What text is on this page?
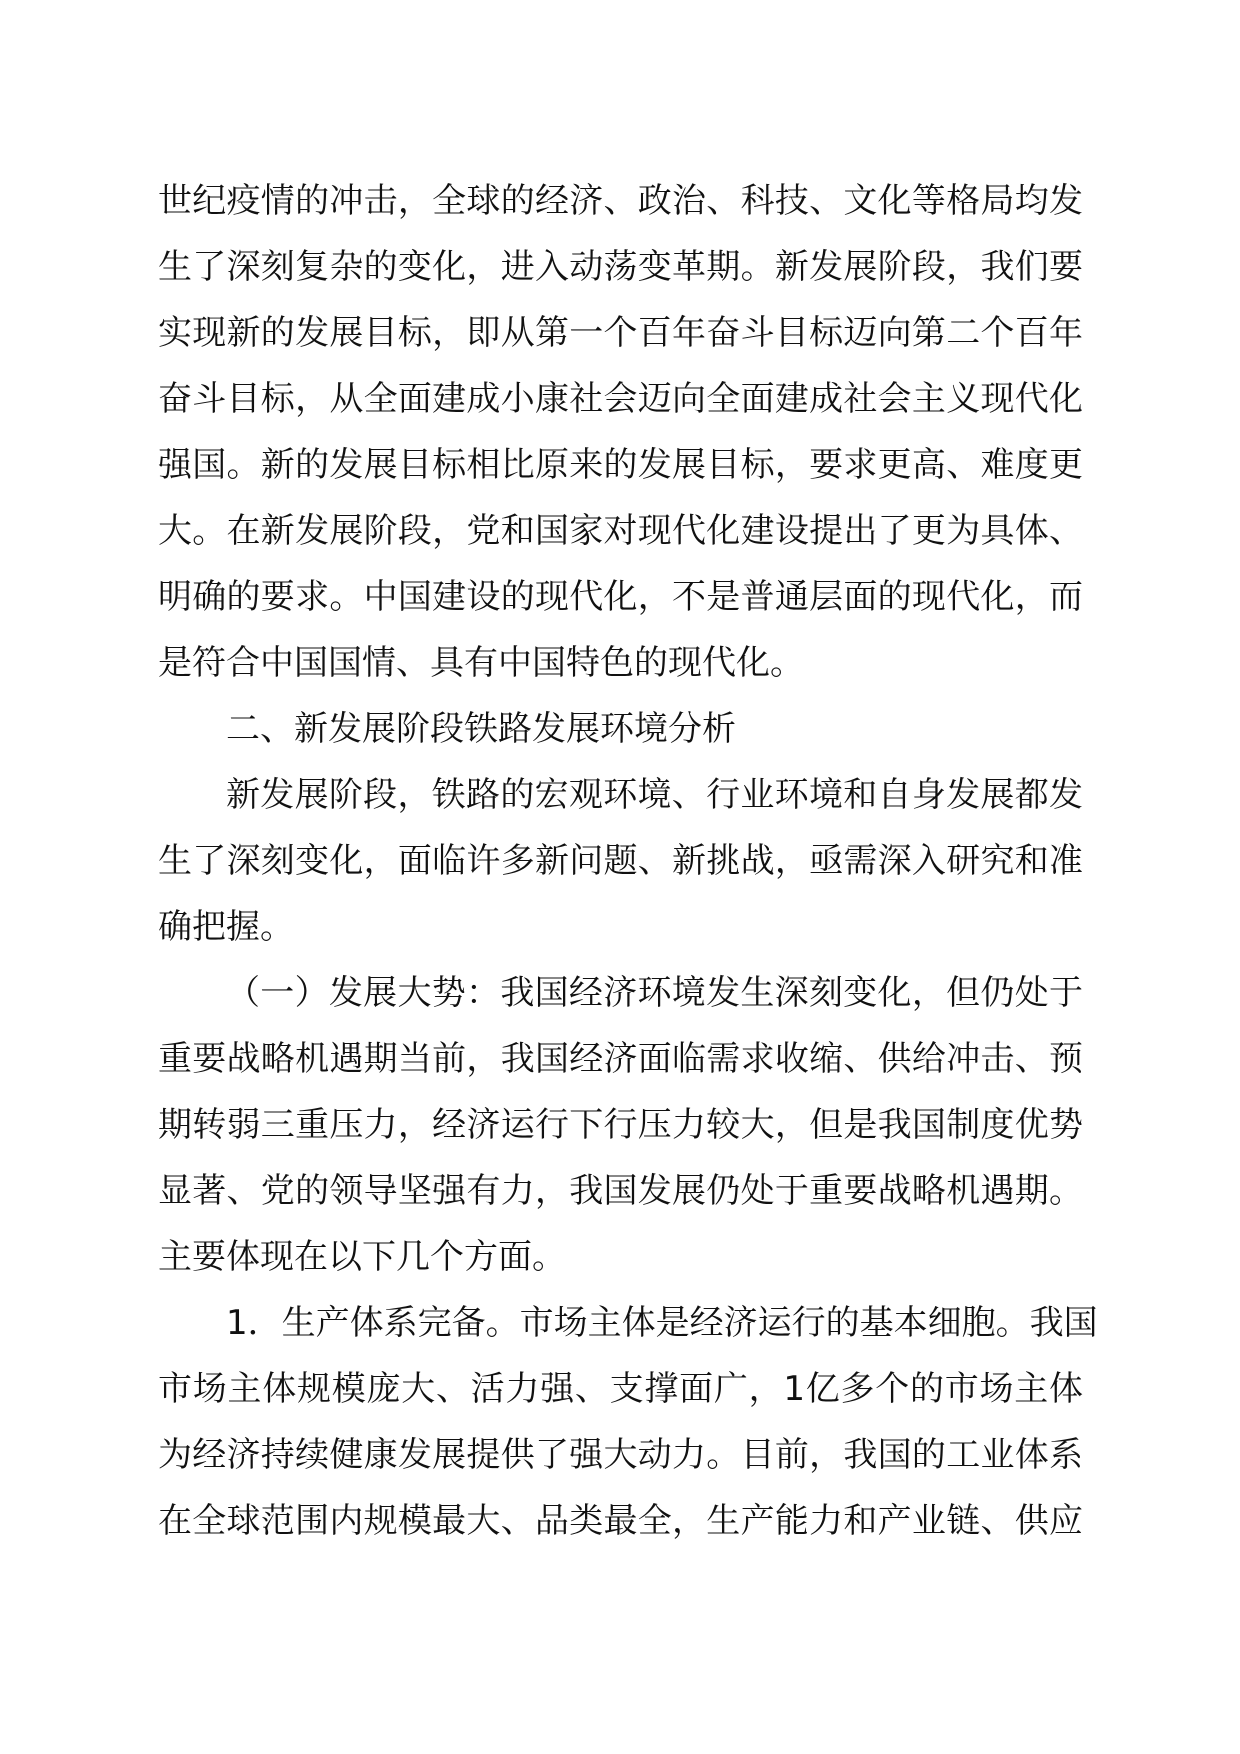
世纪疫情的冲击，全球的经济、政治、科技、文化等格局均发

生了深刻复杂的变化，进入动荡变革期。新发展阶段，我们要

实现新的发展目标，即从第一个百年奋斗目标迈向第二个百年

奋斗目标，从全面建成小康社会迈向全面建成社会主义现代化

强国。新的发展目标相比原来的发展目标，要求更高、难度更

大。在新发展阶段，党和国家对现代化建设提出了更为具体、

明确的要求。中国建设的现代化，不是普通层面的现代化，而

是符合中国国情、具有中国特色的现代化。

二、新发展阶段铁路发展环境分析

新发展阶段，铁路的宏观环境、行业环境和自身发展都发

生了深刻变化，面临许多新问题、新挑战，亟需深入研究和准

确把握。

（一）发展大势：我国经济环境发生深刻变化，但仍处于

重要战略机遇期当前，我国经济面临需求收缩、供给冲击、预

期转弱三重压力，经济运行下行压力较大，但是我国制度优势

显著、党的领导坚强有力，我国发展仍处于重要战略机遇期。

主要体现在以下几个方面。

1．生产体系完备。市场主体是经济运行的基本细胞。我国

市场主体规模庞大、活力强、支撑面广，1亿多个的市场主体

为经济持续健康发展提供了强大动力。目前，我国的工业体系

在全球范围内规模最大、品类最全，生产能力和产业链、供应
